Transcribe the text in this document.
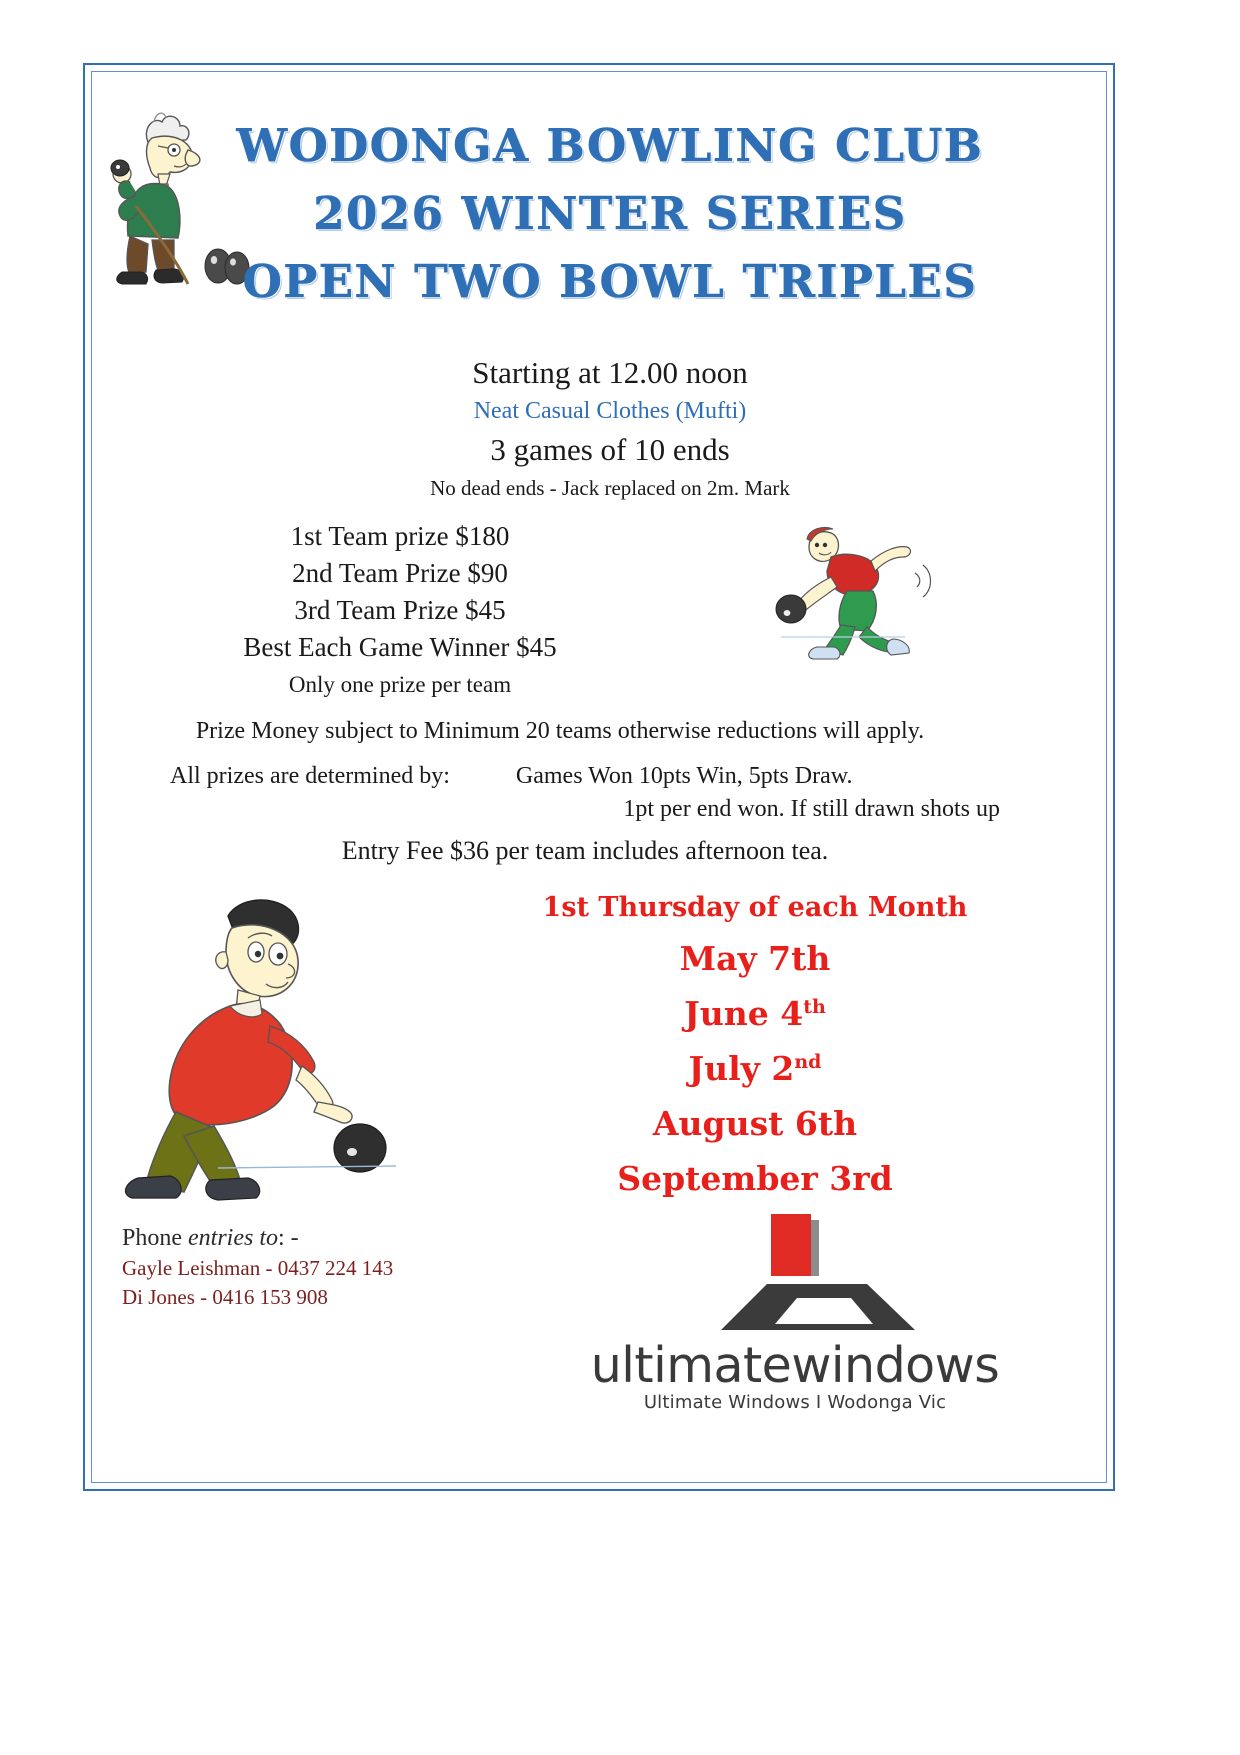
WODONGA BOWLING CLUB
2026 WINTER SERIES
OPEN TWO BOWL TRIPLES
Starting at 12.00 noon
Neat Casual Clothes (Mufti)
3 games of 10 ends
No dead ends - Jack replaced on 2m. Mark
1st Team prize $180
2nd Team Prize $90
3rd Team Prize $45
Best Each Game Winner $45
Only one prize per team
Prize Money subject to Minimum 20 teams otherwise reductions will apply.
All prizes are determined by:	Games Won 10pts Win, 5pts Draw.
1pt per end won. If still drawn shots up
Entry Fee $36 per team includes afternoon tea.
1st Thursday of each Month
May 7th
June 4th
July 2nd
August 6th
September 3rd
Phone entries to: -
Gayle Leishman - 0437 224 143
Di Jones - 0416 153 908
ultimatewindows
Ultimate Windows I Wodonga Vic
